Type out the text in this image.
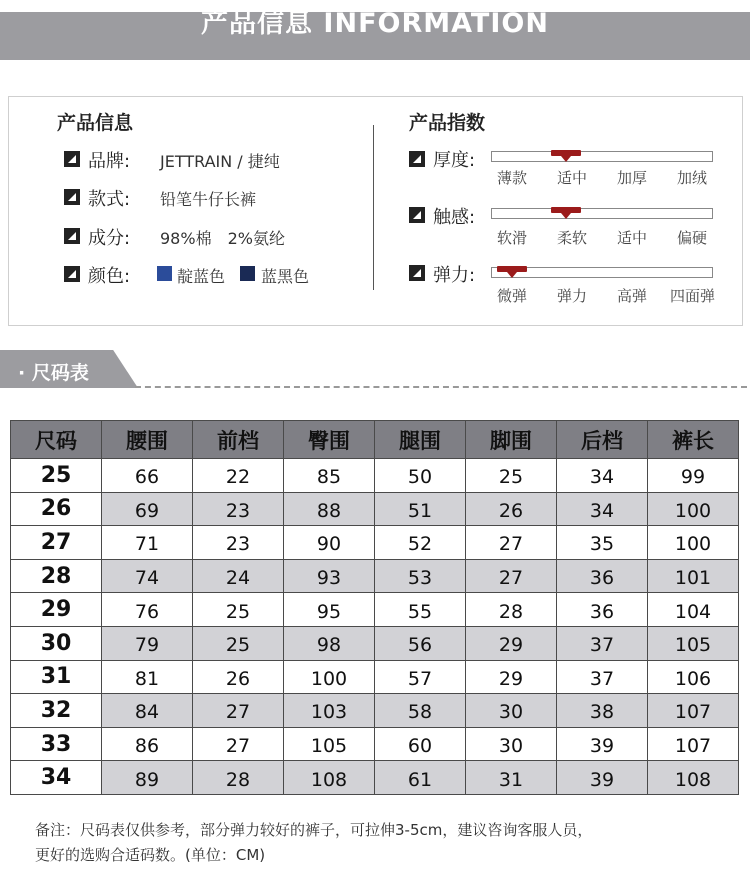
产品信息 INFORMATION
产品信息	产品指数
品牌: JETTRAIN / 捷纯
款式: 铅笔牛仔长裤
成分: 98%棉　2%氨纶
颜色:	靛蓝色 蓝黑色
厚度:
薄款 适中 加厚 加绒
触感:
软滑 柔软 适中 偏硬
弹力:
微弹 弹力 高弹 四面弹
· 尺码表
尺码	腰围	前档	臀围	腿围	脚围	后档	裤长
25	66	22	85	50	25	34	99
26	69	23	88	51	26	34	100
27	71	23	90	52	27	35	100
28	74	24	93	53	27	36	101
29	76	25	95	55	28	36	104
30	79	25	98	56	29	37	105
31	81	26	100	57	29	37	106
32	84	27	103	58	30	38	107
33	86	27	105	60	30	39	107
34	89	28	108	61	31	39	108
备注：尺码表仅供参考，部分弹力较好的裤子，可拉伸3-5cm，建议咨询客服人员，
更好的选购合适码数。(单位：CM)
